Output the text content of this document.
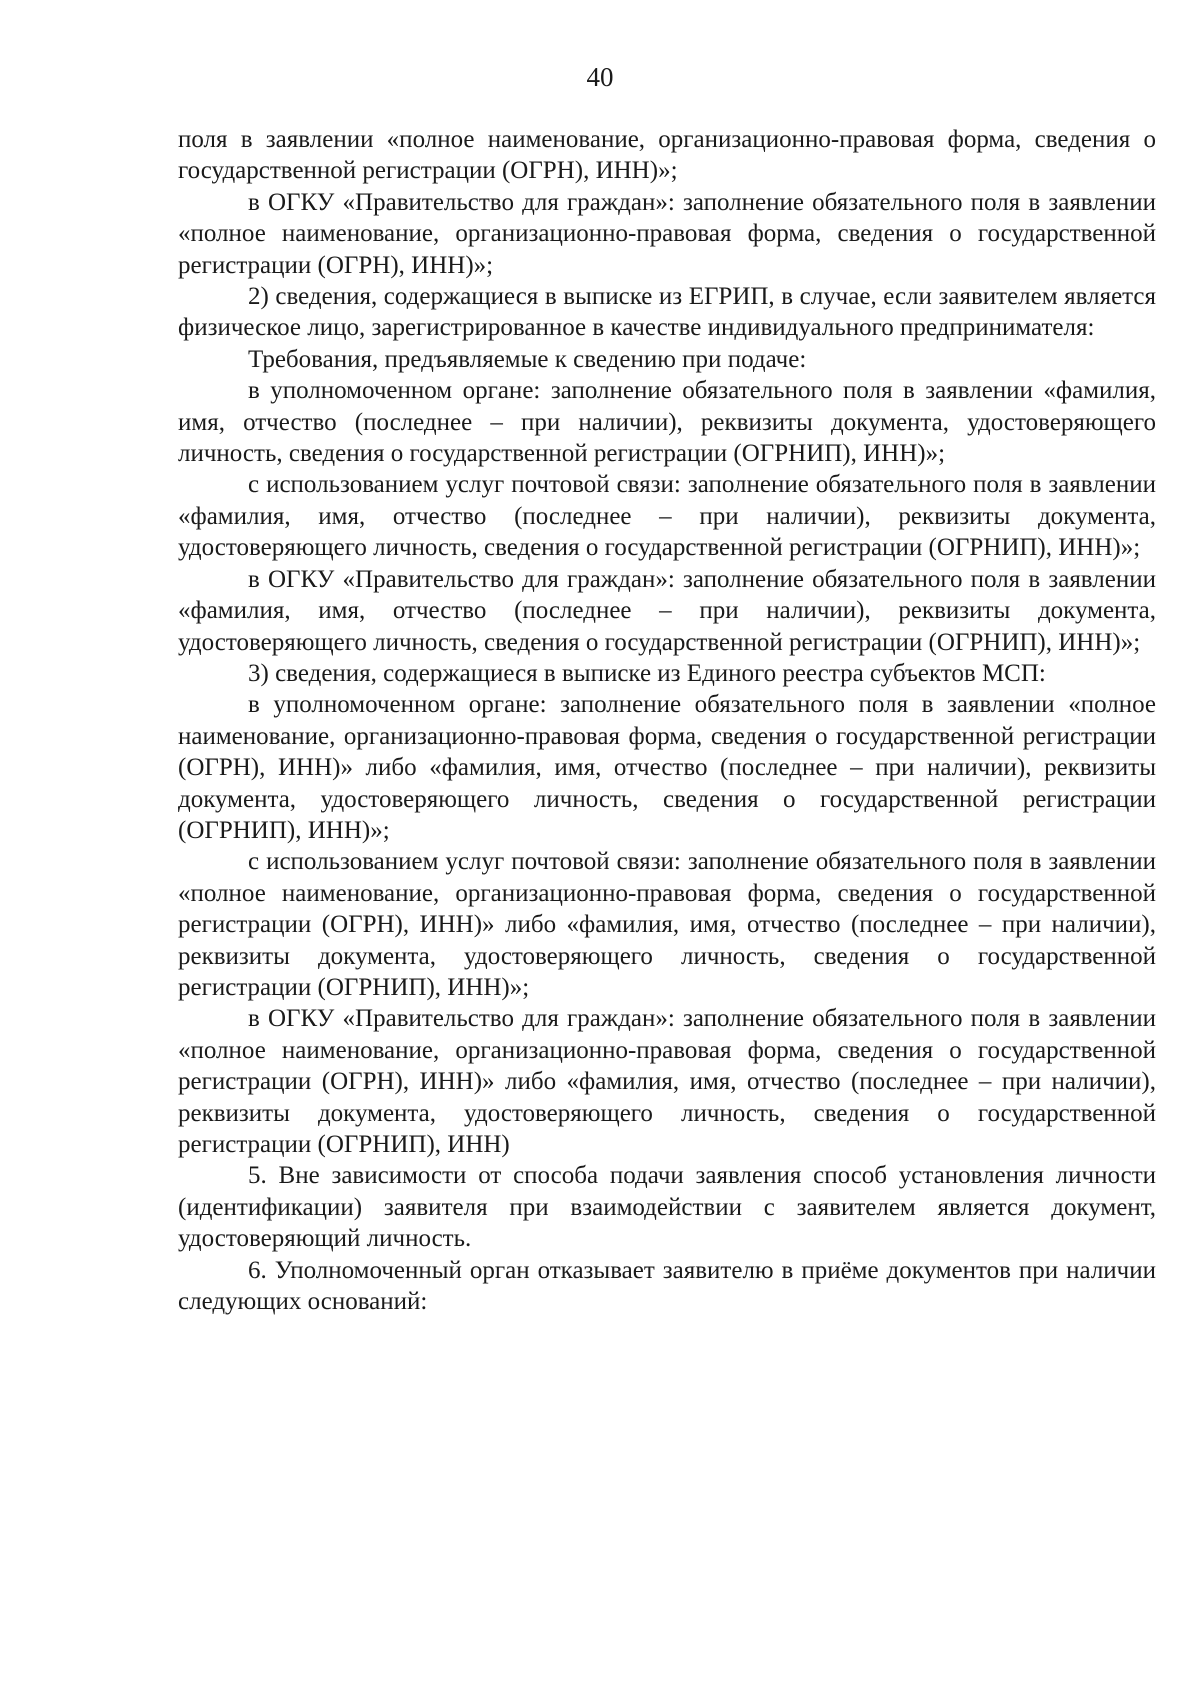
40

поля в заявлении «полное наименование, организационно-правовая форма, сведения о государственной регистрации (ОГРН), ИНН)»;

в ОГКУ «Правительство для граждан»: заполнение обязательного поля в заявлении «полное наименование, организационно-правовая форма, сведения о государственной регистрации (ОГРН), ИНН)»;

2) сведения, содержащиеся в выписке из ЕГРИП, в случае, если заявителем является физическое лицо, зарегистрированное в качестве индивидуального предпринимателя:

Требования, предъявляемые к сведению при подаче:

в уполномоченном органе: заполнение обязательного поля в заявлении «фамилия, имя, отчество (последнее – при наличии), реквизиты документа, удостоверяющего личность, сведения о государственной регистрации (ОГРНИП), ИНН)»;

с использованием услуг почтовой связи: заполнение обязательного поля в заявлении «фамилия, имя, отчество (последнее – при наличии), реквизиты документа, удостоверяющего личность, сведения о государственной регистрации (ОГРНИП), ИНН)»;

в ОГКУ «Правительство для граждан»: заполнение обязательного поля в заявлении «фамилия, имя, отчество (последнее – при наличии), реквизиты документа, удостоверяющего личность, сведения о государственной регистрации (ОГРНИП), ИНН)»;

3) сведения, содержащиеся в выписке из Единого реестра субъектов МСП:

в уполномоченном органе: заполнение обязательного поля в заявлении «полное наименование, организационно-правовая форма, сведения о государственной регистрации (ОГРН), ИНН)» либо «фамилия, имя, отчество (последнее – при наличии), реквизиты документа, удостоверяющего личность, сведения о государственной регистрации (ОГРНИП), ИНН)»;

с использованием услуг почтовой связи: заполнение обязательного поля в заявлении «полное наименование, организационно-правовая форма, сведения о государственной регистрации (ОГРН), ИНН)» либо «фамилия, имя, отчество (последнее – при наличии), реквизиты документа, удостоверяющего личность, сведения о государственной регистрации (ОГРНИП), ИНН)»;

в ОГКУ «Правительство для граждан»: заполнение обязательного поля в заявлении «полное наименование, организационно-правовая форма, сведения о государственной регистрации (ОГРН), ИНН)» либо «фамилия, имя, отчество (последнее – при наличии), реквизиты документа, удостоверяющего личность, сведения о государственной регистрации (ОГРНИП), ИНН)

5. Вне зависимости от способа подачи заявления способ установления личности (идентификации) заявителя при взаимодействии с заявителем является документ, удостоверяющий личность.

6. Уполномоченный орган отказывает заявителю в приёме документов при наличии следующих оснований:
